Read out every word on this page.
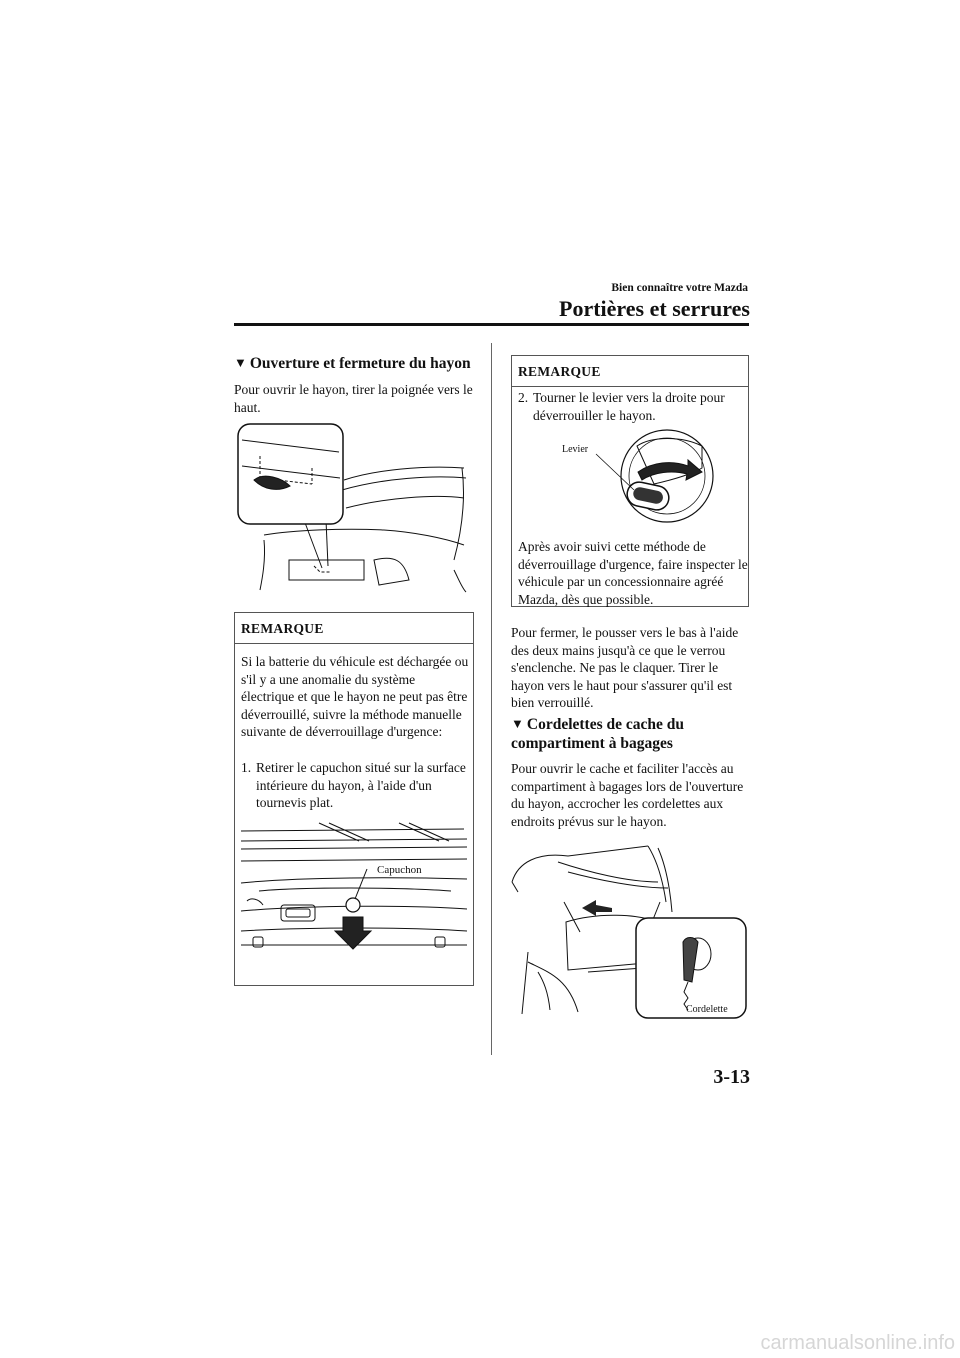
Bien connaître votre Mazda
Portières et serrures
▼ Ouverture et fermeture du hayon
Pour ouvrir le hayon, tirer la poignée vers le haut.
REMARQUE
Si la batterie du véhicule est déchargée ou s'il y a une anomalie du système électrique et que le hayon ne peut pas être déverrouillé, suivre la méthode manuelle suivante de déverrouillage d'urgence:
1. Retirer le capuchon situé sur la surface intérieure du hayon, à l'aide d'un tournevis plat.
Capuchon
REMARQUE
2. Tourner le levier vers la droite pour déverrouiller le hayon.
Levier
Après avoir suivi cette méthode de déverrouillage d'urgence, faire inspecter le véhicule par un concessionnaire agréé Mazda, dès que possible.
Pour fermer, le pousser vers le bas à l'aide des deux mains jusqu'à ce que le verrou s'enclenche. Ne pas le claquer. Tirer le hayon vers le haut pour s'assurer qu'il est bien verrouillé.
▼ Cordelettes de cache du compartiment à bagages
Pour ouvrir le cache et faciliter l'accès au compartiment à bagages lors de l'ouverture du hayon, accrocher les cordelettes aux endroits prévus sur le hayon.
Cordelette
3-13
carmanualsonline.info
